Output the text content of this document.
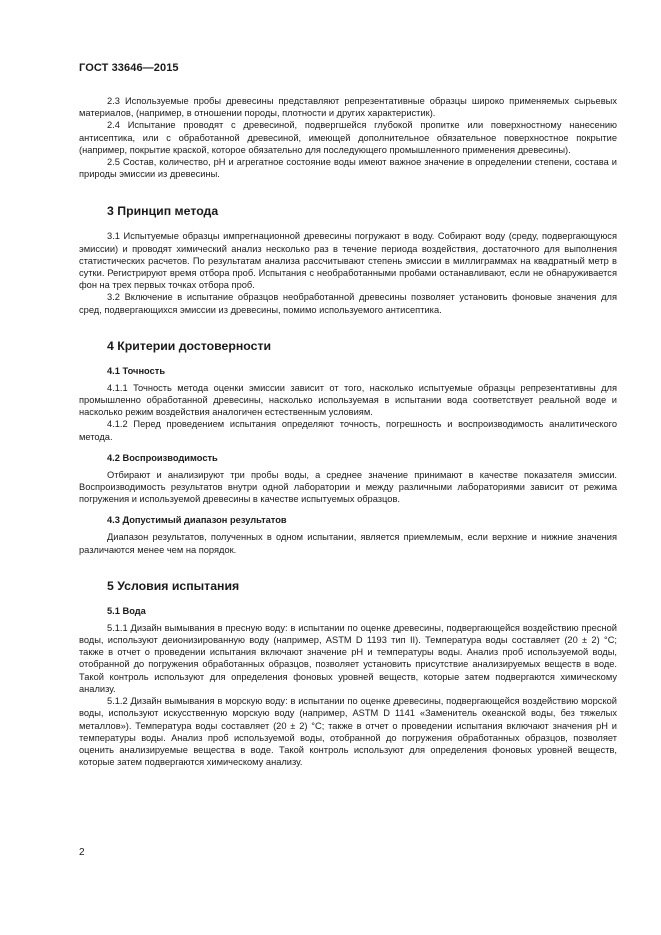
ГОСТ 33646—2015

2.3 Используемые пробы древесины представляют репрезентативные образцы широко применяемых сырьевых материалов, (например, в отношении породы, плотности и других характеристик).

2.4 Испытание проводят с древесиной, подвергшейся глубокой пропитке или поверхностному нанесению антисептика, или с обработанной древесиной, имеющей дополнительное обязательное поверхностное покрытие (например, покрытие краской, которое обязательно для последующего промышленного применения древесины).

2.5 Состав, количество, pH и агрегатное состояние воды имеют важное значение в определении степени, состава и природы эмиссии из древесины.

3 Принцип метода

3.1 Испытуемые образцы импрегнационной древесины погружают в воду. Собирают воду (среду, подвергающуюся эмиссии) и проводят химический анализ несколько раз в течение периода воздействия, достаточного для выполнения статистических расчетов. По результатам анализа рассчитывают степень эмиссии в миллиграммах на квадратный метр в сутки. Регистрируют время отбора проб. Испытания с необработанными пробами останавливают, если не обнаруживается фон на трех первых точках отбора проб.

3.2 Включение в испытание образцов необработанной древесины позволяет установить фоновые значения для сред, подвергающихся эмиссии из древесины, помимо используемого антисептика.

4 Критерии достоверности
4.1 Точность

4.1.1 Точность метода оценки эмиссии зависит от того, насколько испытуемые образцы репрезентативны для промышленно обработанной древесины, насколько используемая в испытании вода соответствует реальной воде и насколько режим воздействия аналогичен естественным условиям.

4.1.2 Перед проведением испытания определяют точность, погрешность и воспроизводимость аналитического метода.

4.2 Воспроизводимость

Отбирают и анализируют три пробы воды, а среднее значение принимают в качестве показателя эмиссии. Воспроизводимость результатов внутри одной лаборатории и между различными лабораториями зависит от режима погружения и используемой древесины в качестве испытуемых образцов.

4.3 Допустимый диапазон результатов

Диапазон результатов, полученных в одном испытании, является приемлемым, если верхние и нижние значения различаются менее чем на порядок.

5 Условия испытания
5.1 Вода

5.1.1 Дизайн вымывания в пресную воду: в испытании по оценке древесины, подвергающейся воздействию пресной воды, используют деионизированную воду (например, ASTM D 1193 тип II). Температура воды составляет (20 ± 2) °С; также в отчет о проведении испытания включают значение pH и температуры воды. Анализ проб используемой воды, отобранной до погружения обработанных образцов, позволяет установить присутствие анализируемых веществ в воде. Такой контроль используют для определения фоновых уровней веществ, которые затем подвергаются химическому анализу.

5.1.2 Дизайн вымывания в морскую воду: в испытании по оценке древесины, подвергающейся воздействию морской воды, используют искусственную морскую воду (например, ASTM D 1141 «Заменитель океанской воды, без тяжелых металлов»). Температура воды составляет (20 ± 2) °С; также в отчет о проведении испытания включают значения pH и температуры воды. Анализ проб используемой воды, отобранной до погружения обработанных образцов, позволяет оценить анализируемые вещества в воде. Такой контроль используют для определения фоновых уровней веществ, которые затем подвергаются химическому анализу.

2
